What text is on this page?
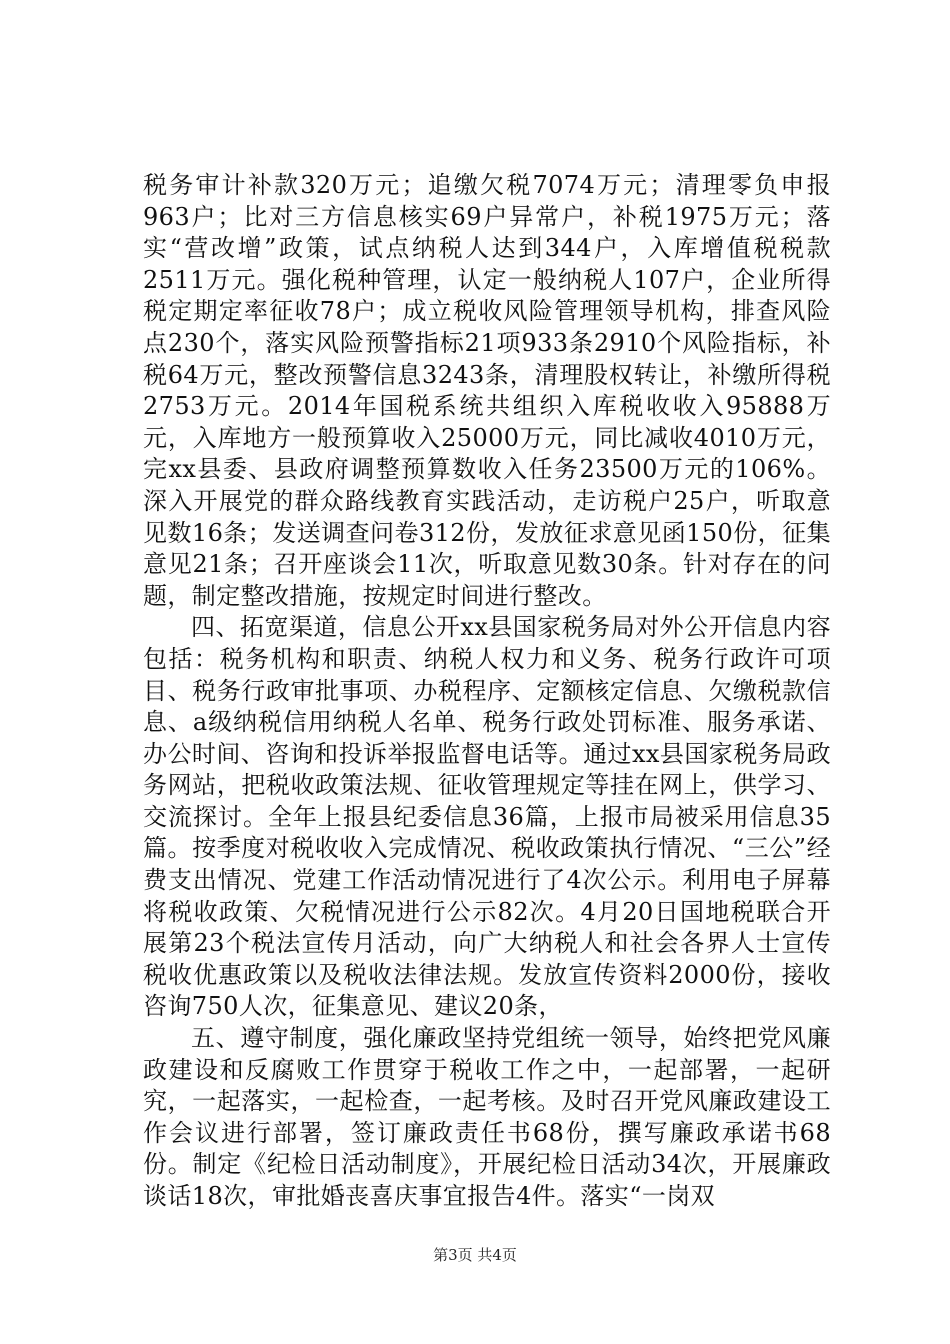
税务审计补款320万元；追缴欠税7074万元；清理零负申报963户；比对三方信息核实69户异常户，补税1975万元；落实“营改增”政策，试点纳税人达到344户，入库增值税税款2511万元。强化税种管理，认定一般纳税人107户，企业所得税定期定率征收78户；成立税收风险管理领导机构，排查风险点230个，落实风险预警指标21项933条2910个风险指标，补税64万元，整改预警信息3243条，清理股权转让，补缴所得税2753万元。2014年国税系统共组织入库税收收入95888万元，入库地方一般预算收入25000万元，同比减收4010万元，完xx县委、县政府调整预算数收入任务23500万元的106%。深入开展党的群众路线教育实践活动，走访税户25户，听取意见数16条；发送调查问卷312份，发放征求意见函150份，征集意见21条；召开座谈会11次，听取意见数30条。针对存在的问题，制定整改措施，按规定时间进行整改。

四、拓宽渠道，信息公开xx县国家税务局对外公开信息内容包括：税务机构和职责、纳税人权力和义务、税务行政许可项目、税务行政审批事项、办税程序、定额核定信息、欠缴税款信息、a级纳税信用纳税人名单、税务行政处罚标准、服务承诺、办公时间、咨询和投诉举报监督电话等。通过xx县国家税务局政务网站，把税收政策法规、征收管理规定等挂在网上，供学习、交流探讨。全年上报县纪委信息36篇，上报市局被采用信息35篇。按季度对税收收入完成情况、税收政策执行情况、“三公”经费支出情况、党建工作活动情况进行了4次公示。利用电子屏幕将税收政策、欠税情况进行公示82次。4月20日国地税联合开展第23个税法宣传月活动，向广大纳税人和社会各界人士宣传税收优惠政策以及税收法律法规。发放宣传资料2000份，接收咨询750人次，征集意见、建议20条，

五、遵守制度，强化廉政坚持党组统一领导，始终把党风廉政建设和反腐败工作贯穿于税收工作之中，一起部署，一起研究，一起落实，一起检查，一起考核。及时召开党风廉政建设工作会议进行部署，签订廉政责任书68份，撰写廉政承诺书68份。制定《纪检日活动制度》，开展纪检日活动34次，开展廉政谈话18次，审批婚丧喜庆事宜报告4件。落实“一岗双

第3页 共4页
